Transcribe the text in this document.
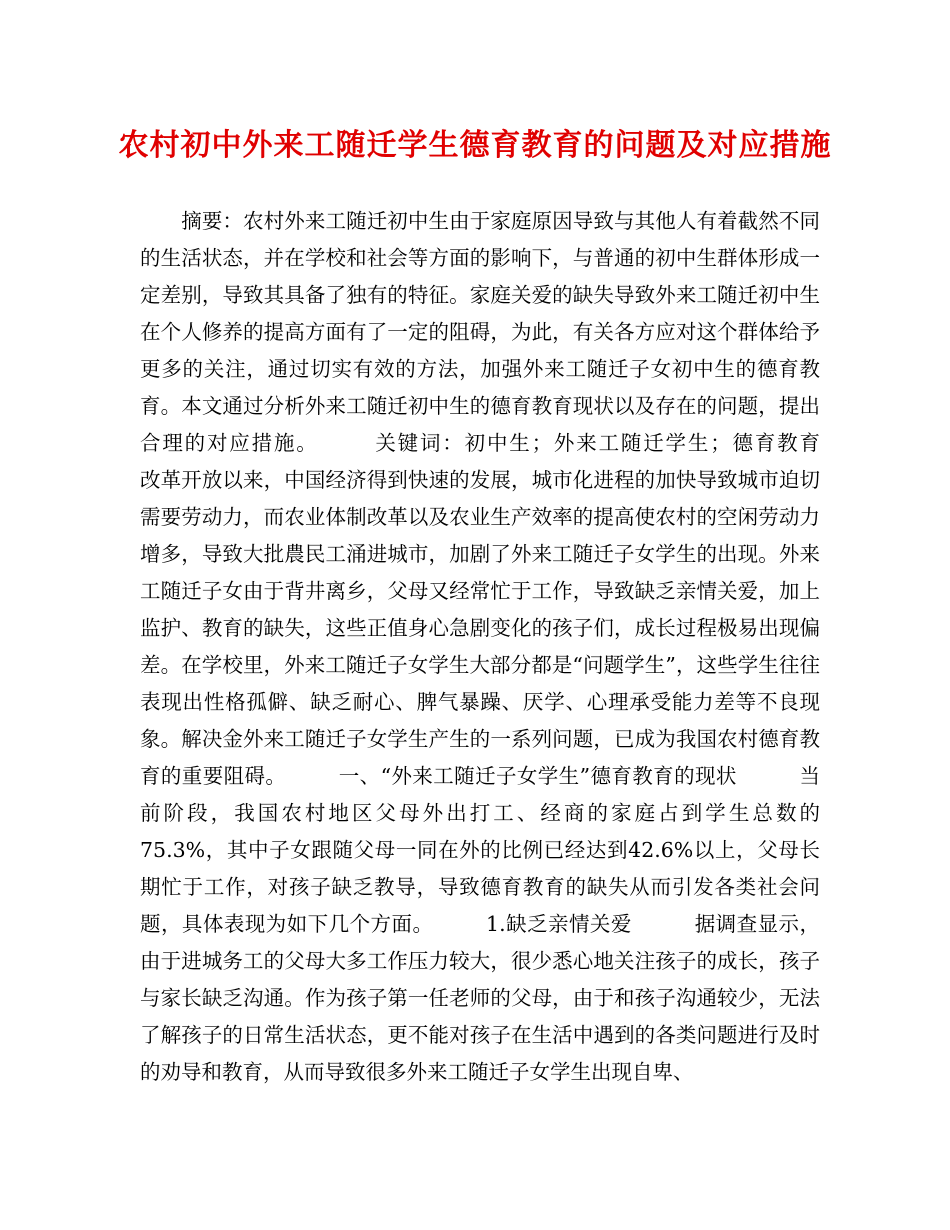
农村初中外来工随迁学生德育教育的问题及对应措施

　　摘要：农村外来工随迁初中生由于家庭原因导致与其他人有着截然不同的生活状态，并在学校和社会等方面的影响下，与普通的初中生群体形成一定差别，导致其具备了独有的特征。家庭关爱的缺失导致外来工随迁初中生在个人修养的提高方面有了一定的阻碍，为此，有关各方应对这个群体给予更多的关注，通过切实有效的方法，加强外来工随迁子女初中生的德育教育。本文通过分析外来工随迁初中生的德育教育现状以及存在的问题，提出合理的对应措施。　　　关键词：初中生；外来工随迁学生；德育教育　　　改革开放以来，中国经济得到快速的发展，城市化进程的加快导致城市迫切需要劳动力，而农业体制改革以及农业生产效率的提高使农村的空闲劳动力增多，导致大批農民工涌进城市，加剧了外来工随迁子女学生的出现。外来工随迁子女由于背井离乡，父母又经常忙于工作，导致缺乏亲情关爱，加上监护、教育的缺失，这些正值身心急剧变化的孩子们，成长过程极易出现偏差。在学校里，外来工随迁子女学生大部分都是“问题学生”，这些学生往往表现出性格孤僻、缺乏耐心、脾气暴躁、厌学、心理承受能力差等不良现象。解决金外来工随迁子女学生产生的一系列问题，已成为我国农村德育教育的重要阻碍。　　　一、“外来工随迁子女学生”德育教育的现状　　　当前阶段，我国农村地区父母外出打工、经商的家庭占到学生总数的75.3%，其中子女跟随父母一同在外的比例已经达到42.6%以上，父母长期忙于工作，对孩子缺乏教导，导致德育教育的缺失从而引发各类社会问题，具体表现为如下几个方面。　　　1.缺乏亲情关爱　　　据调查显示，由于进城务工的父母大多工作压力较大，很少悉心地关注孩子的成长，孩子与家长缺乏沟通。作为孩子第一任老师的父母，由于和孩子沟通较少，无法了解孩子的日常生活状态，更不能对孩子在生活中遇到的各类问题进行及时的劝导和教育，从而导致很多外来工随迁子女学生出现自卑、
